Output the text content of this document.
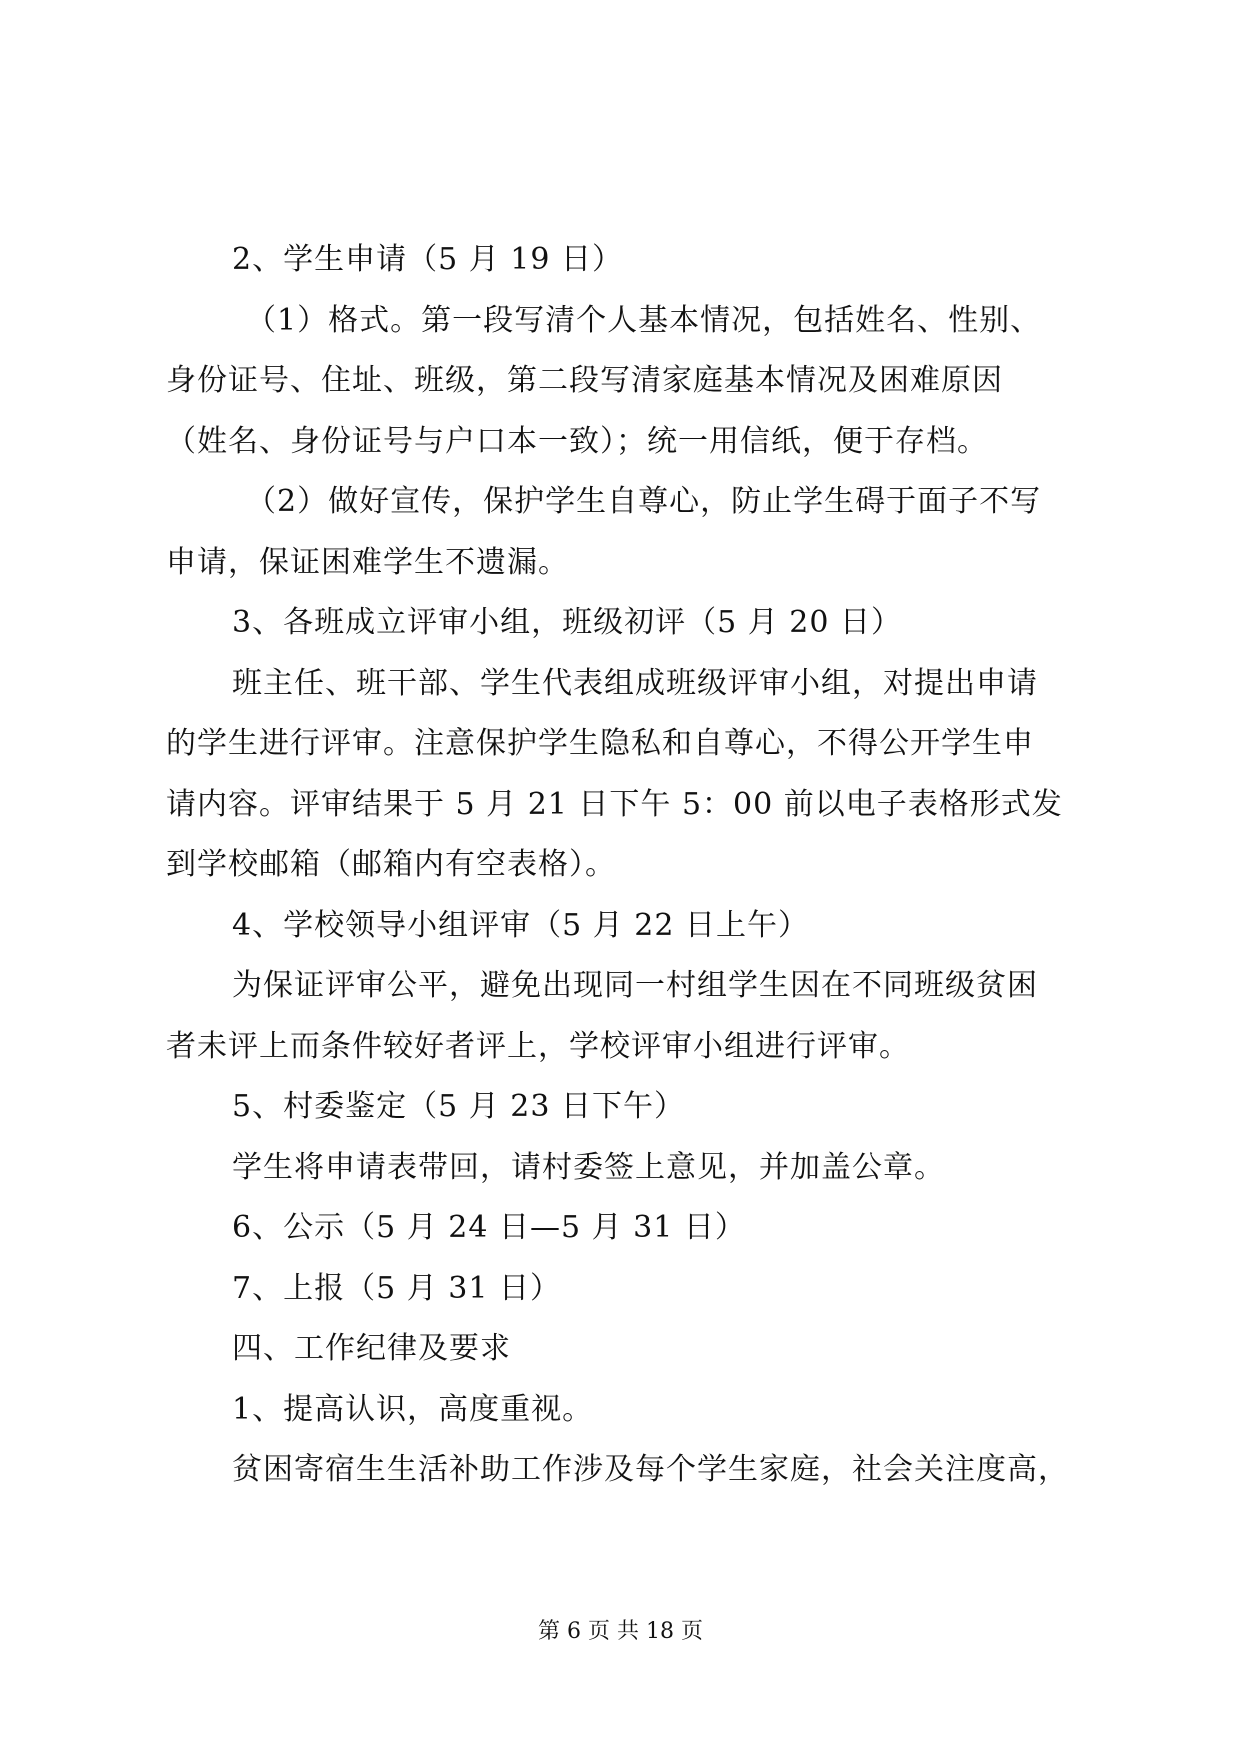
2、学生申请（5 月 19 日）

（1）格式。第一段写清个人基本情况，包括姓名、性别、

身份证号、住址、班级，第二段写清家庭基本情况及困难原因

（姓名、身份证号与户口本一致）；统一用信纸，便于存档。

（2）做好宣传，保护学生自尊心，防止学生碍于面子不写

申请，保证困难学生不遗漏。

3、各班成立评审小组，班级初评（5 月 20 日）

班主任、班干部、学生代表组成班级评审小组，对提出申请

的学生进行评审。注意保护学生隐私和自尊心，不得公开学生申

请内容。评审结果于 5 月 21 日下午 5：00 前以电子表格形式发

到学校邮箱（邮箱内有空表格）。

4、学校领导小组评审（5 月 22 日上午）

为保证评审公平，避免出现同一村组学生因在不同班级贫困

者未评上而条件较好者评上，学校评审小组进行评审。

5、村委鉴定（5 月 23 日下午）

学生将申请表带回，请村委签上意见，并加盖公章。

6、公示（5 月 24 日—5 月 31 日）

7、上报（5 月 31 日）

四、工作纪律及要求

1、提高认识，高度重视。

贫困寄宿生生活补助工作涉及每个学生家庭，社会关注度高，

第 6 页 共 18 页
